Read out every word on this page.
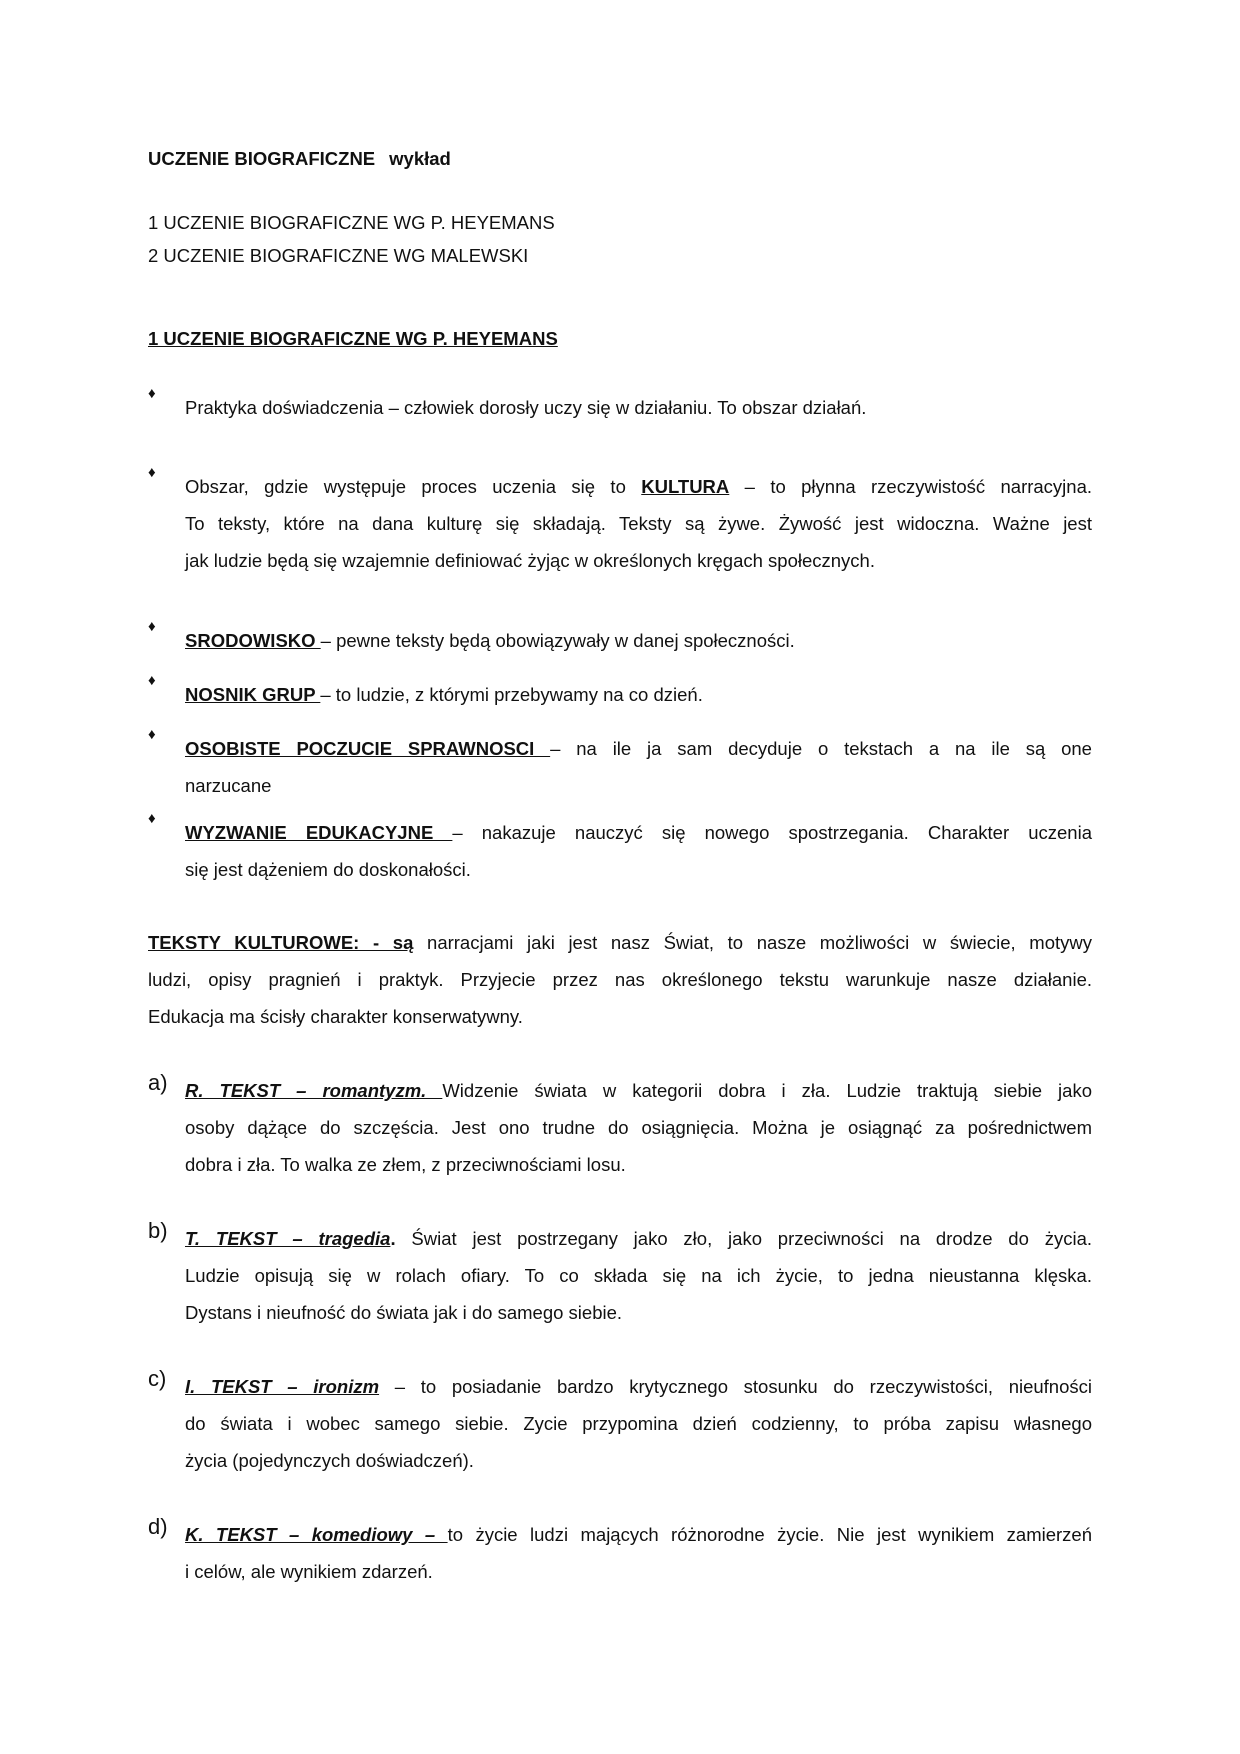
UCZENIE BIOGRAFICZNE wykład
1 UCZENIE BIOGRAFICZNE WG P. HEYEMANS
2 UCZENIE BIOGRAFICZNE WG MALEWSKI
1 UCZENIE BIOGRAFICZNE WG P. HEYEMANS
♦
Praktyka doświadczenia – człowiek dorosły uczy się w działaniu. To obszar działań.
♦
Obszar, gdzie występuje proces uczenia się to KULTURA – to płynna rzeczywistość narracyjna.
To teksty, które na dana kulturę się składają. Teksty są żywe. Żywość jest widoczna. Ważne jest
jak ludzie będą się wzajemnie definiować żyjąc w określonych kręgach społecznych.
♦
SRODOWISKO – pewne teksty będą obowiązywały w danej społeczności.
♦
NOSNIK GRUP – to ludzie, z którymi przebywamy na co dzień.
♦
OSOBISTE POCZUCIE SPRAWNOSCI – na ile ja sam decyduje o tekstach a na ile są one
narzucane
♦
WYZWANIE EDUKACYJNE – nakazuje nauczyć się nowego spostrzegania. Charakter uczenia
się jest dążeniem do doskonałości.
TEKSTY KULTUROWE: - są narracjami jaki jest nasz Świat, to nasze możliwości w świecie, motywy
ludzi, opisy pragnień i praktyk. Przyjecie przez nas określonego tekstu warunkuje nasze działanie.
Edukacja ma ścisły charakter konserwatywny.
a) R. TEKST – romantyzm. Widzenie świata w kategorii dobra i zła. Ludzie traktują siebie jako
osoby dążące do szczęścia. Jest ono trudne do osiągnięcia. Można je osiągnąć za pośrednictwem
dobra i zła. To walka ze złem, z przeciwnościami losu.
b) T. TEKST – tragedia. Świat jest postrzegany jako zło, jako przeciwności na drodze do życia.
Ludzie opisują się w rolach ofiary. To co składa się na ich życie, to jedna nieustanna klęska.
Dystans i nieufność do świata jak i do samego siebie.
c)	I. TEKST – ironizm – to posiadanie bardzo krytycznego stosunku do rzeczywistości, nieufności
do świata i wobec samego siebie. Zycie przypomina dzień codzienny, to próba zapisu własnego
życia (pojedynczych doświadczeń).
d) K. TEKST – komediowy – to życie ludzi mających różnorodne życie. Nie jest wynikiem zamierzeń
i celów, ale wynikiem zdarzeń.
